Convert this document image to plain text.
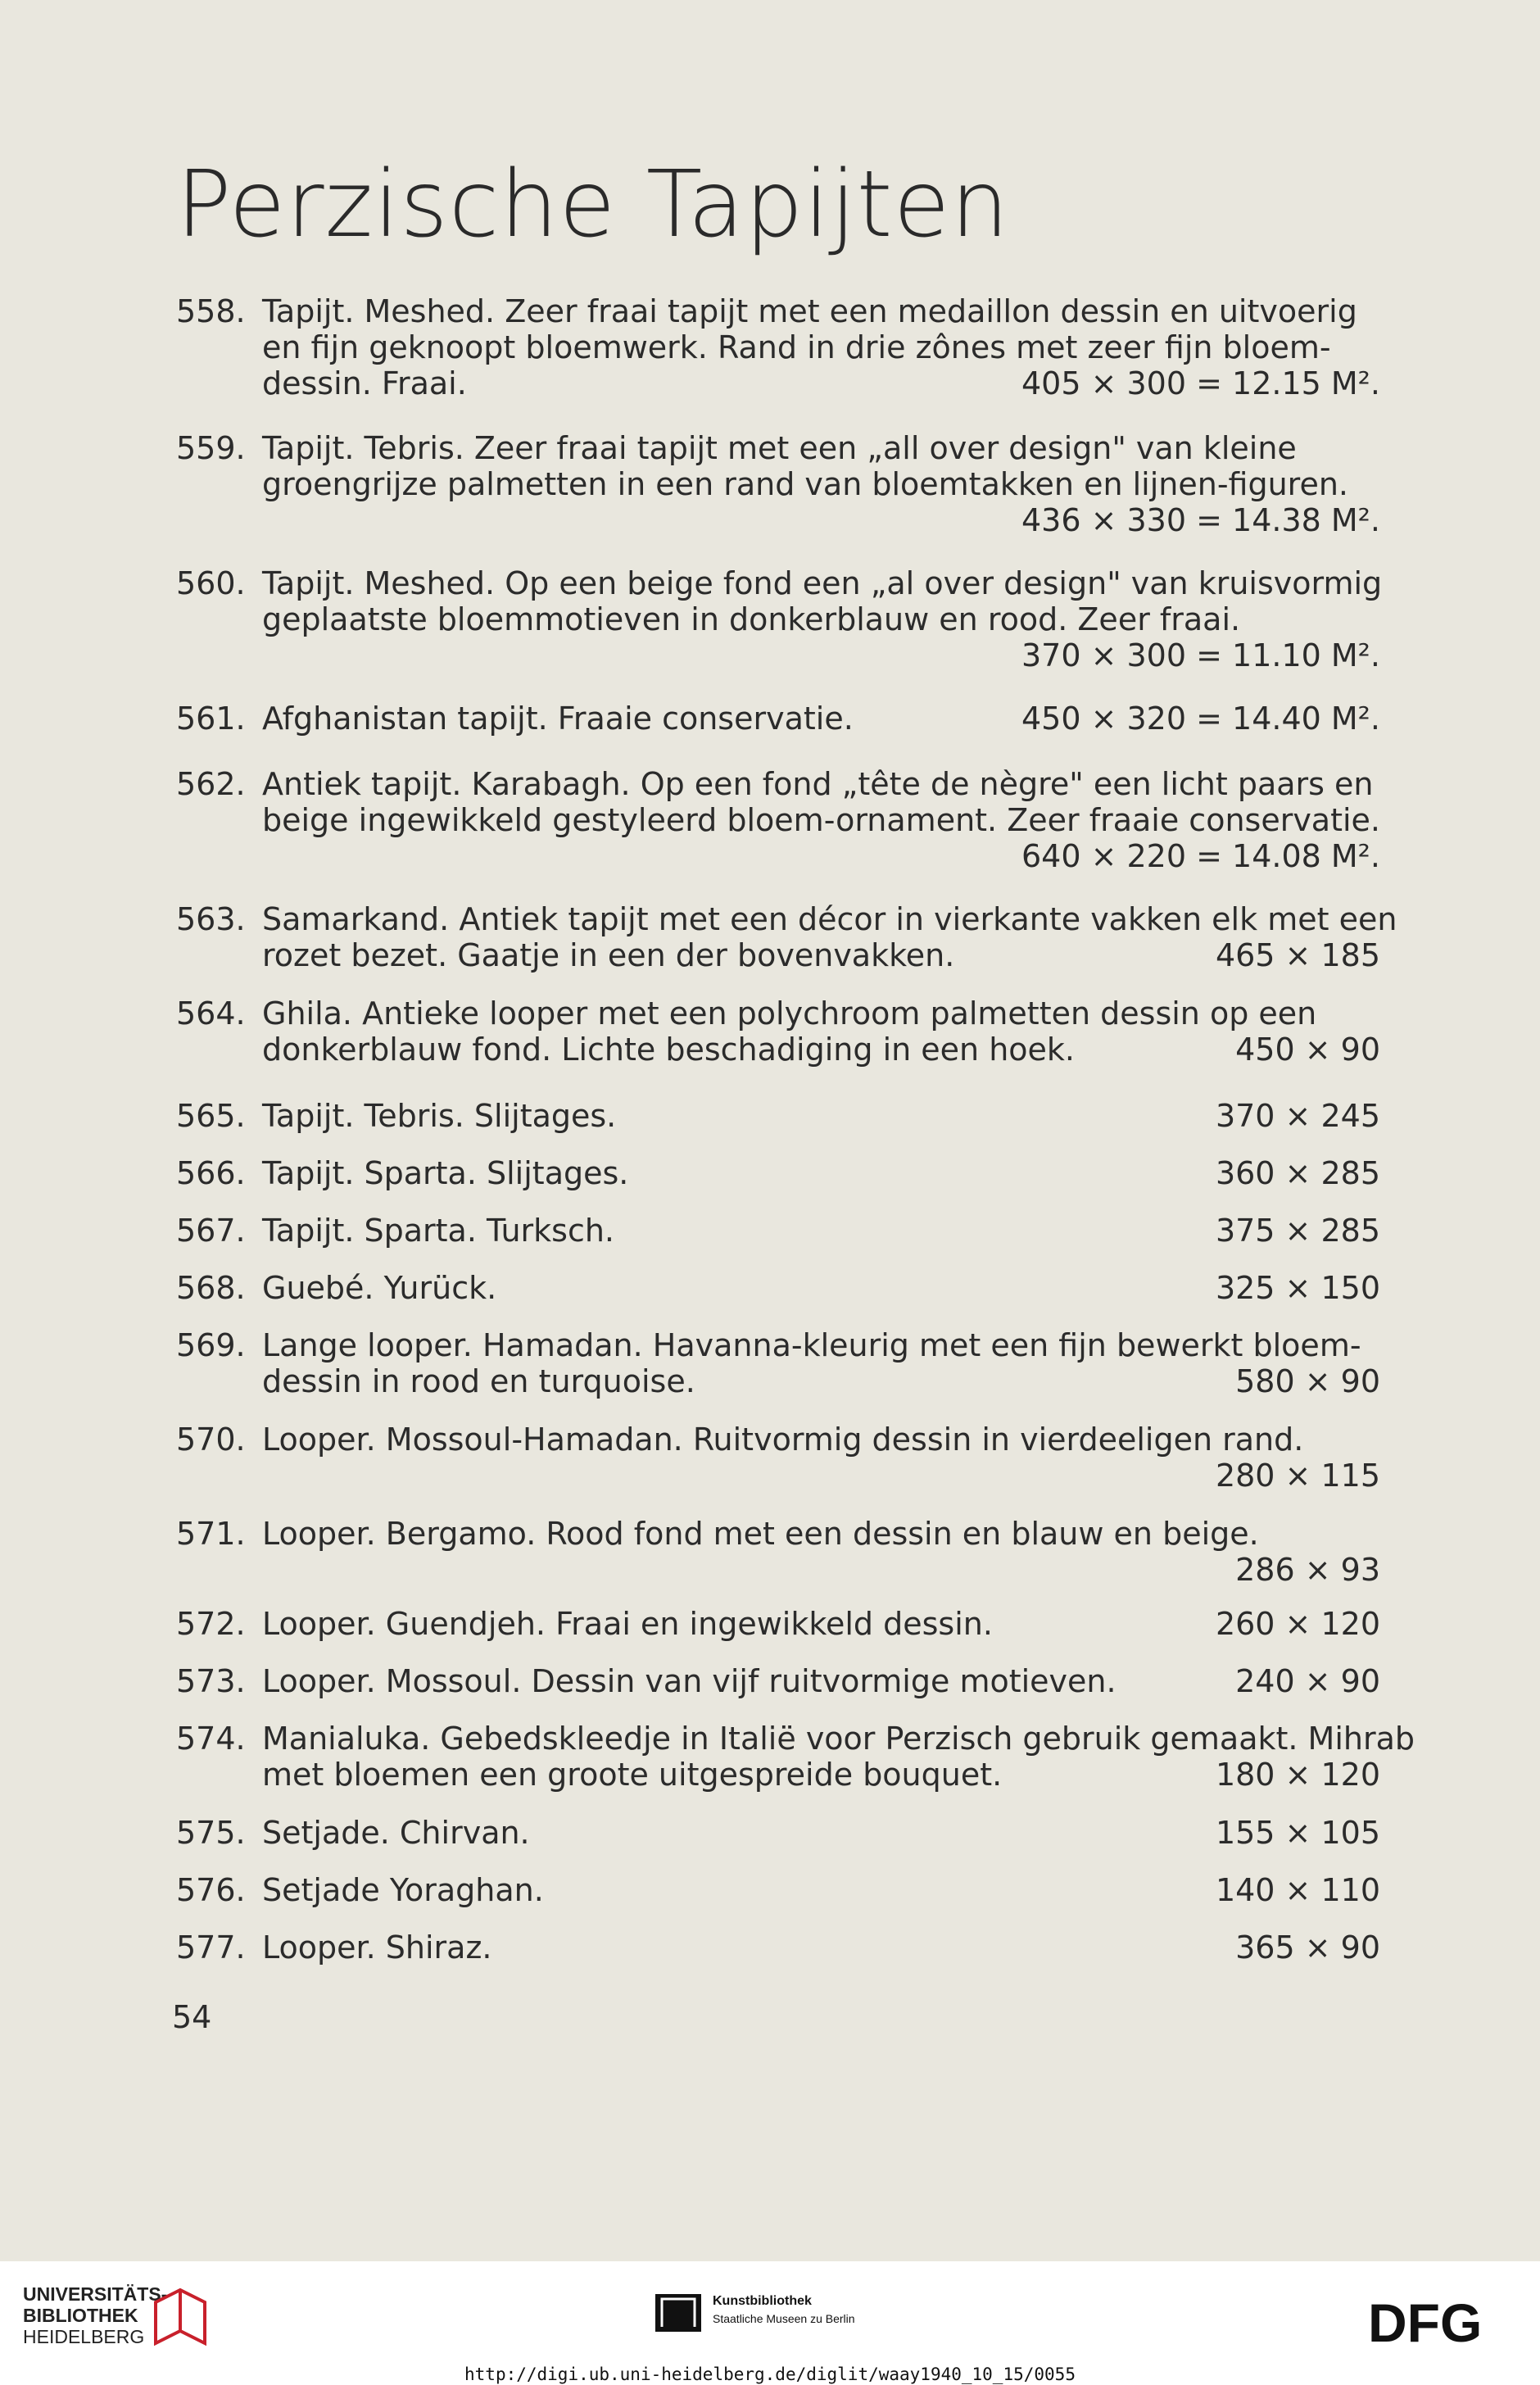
Perzische Tapijten
558. Tapijt. Meshed. Zeer fraai tapijt met een medaillon dessin en uitvoerig
en fijn geknoopt bloemwerk. Rand in drie zônes met zeer fijn bloem-
dessin. Fraai.	405 × 300 = 12.15 M².
559. Tapijt. Tebris. Zeer fraai tapijt met een „all over design" van kleine
groengrijze palmetten in een rand van bloemtakken en lijnen-figuren.
436 × 330 = 14.38 M².
560. Tapijt. Meshed. Op een beige fond een „al over design" van kruisvormig
geplaatste bloemmotieven in donkerblauw en rood. Zeer fraai.
370 × 300 = 11.10 M².
561. Afghanistan tapijt. Fraaie conservatie.	450 × 320 = 14.40 M².
562. Antiek tapijt. Karabagh. Op een fond „tête de nègre" een licht paars en
beige ingewikkeld gestyleerd bloem-ornament. Zeer fraaie conservatie.
640 × 220 = 14.08 M².
563. Samarkand. Antiek tapijt met een décor in vierkante vakken elk met een
rozet bezet. Gaatje in een der bovenvakken.	465 × 185
564. Ghila. Antieke looper met een polychroom palmetten dessin op een
donkerblauw fond. Lichte beschadiging in een hoek.	450 × 90
565. Tapijt. Tebris. Slijtages.	370 × 245
566. Tapijt. Sparta. Slijtages.	360 × 285
567. Tapijt. Sparta. Turksch.	375 × 285
568. Guebé. Yurück.	325 × 150
569. Lange looper. Hamadan. Havanna-kleurig met een fijn bewerkt bloem-
dessin in rood en turquoise.	580 × 90
570. Looper. Mossoul-Hamadan. Ruitvormig dessin in vierdeeligen rand.
280 × 115
571. Looper. Bergamo. Rood fond met een dessin en blauw en beige.
286 × 93
572. Looper. Guendjeh. Fraai en ingewikkeld dessin.	260 × 120
573. Looper. Mossoul. Dessin van vijf ruitvormige motieven.	240 × 90
574. Manialuka. Gebedskleedje in Italië voor Perzisch gebruik gemaakt. Mihrab
met bloemen een groote uitgespreide bouquet.	180 × 120
575. Setjade. Chirvan.	155 × 105
576. Setjade Yoraghan.	140 × 110
577. Looper. Shiraz.	365 × 90
54
UNIVERSITÄTS-
BIBLIOTHEK
HEIDELBERG
Kunstbibliothek
Staatliche Museen zu Berlin	DFG
http://digi.ub.uni-heidelberg.de/diglit/waay1940_10_15/0055
